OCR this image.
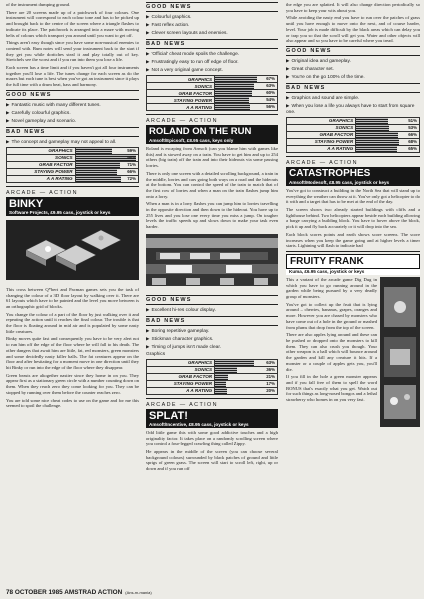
of the instrument dumping ground.

There are 20 screens made up of a patchwork of four colours. One instrument will correspond to each colour tone and has to be picked up and brought back to the centre of the screen where a triangle flashes to indicate its place. The patchwork is arranged into a maze with moving belts of colours which transport you around until you want to get off.

Things aren't easy though since you have some non-musical enemies to contend with. Bum notes will send your instrument back to the start if they get you while doritches steal it and play totally out of key. Streichels see the worst and if you run into them you lose a life.

Each screen has a time limit and if you haven't got all four instruments together you'll lose a life. The tunes change for each screen as do the mazes but each tune is best when you've got an instrument since it plays the full time with a drum beat, bass and harmony.

GOOD NEWS
▶ Fantastic music with many different tunes.
▶ Carefully colourful graphics.
▶ Novel gameplay and scenario.
BAD NEWS
▶ The concept and gameplay may not appeal to all.
GRAPHICS	59%

SONICS	96%

GRAB FACTOR	71%

STAYING POWER	66%

A A RATING	72%
ARCADE — ACTION
BINKY
Software Projects, £9.95 cass, joystick or keys

This cross between Q*bert and Pacman games sets you the task of changing the colour of a 3D floor layout by walking over it. There are 61 layouts which have to be painted and the level you move between is an orthographic grid of blocks.

You change the colour of a part of the floor by just walking over it and repeating the action until it reaches the final colour. The trouble is that the floor is floating around in mid air and is populated by some nasty little creatures.

Binky moves quite fast and consequently you have to be very alert not to run him off the edge of the floor where he will fall to his death. The other dangers that await him are little, fat, red monsters, green monsters and some decidedly nasty killer balls. The fat creatures appear on the floor and after hesitating for a moment move in one direction until they hit Binky or run into the edge of the floor where they disappear.

Green beasts are altogether nastier since they home in on you. They appear first as a stationary green circle with a number counting down on them. When they reach zero they come looking for you. They can be stopped by running over them before the counter reaches zero.

You are told some nice cheat codes to use on the game and for me this seemed to spoil the challenge.

GOOD NEWS
▶ Colourful graphics.
▶ Fast reflex action.
▶ Clever screen layouts and enemies.
BAD NEWS
▶ 'Official' cheat mode spoils the challenge.
▶ Frustratingly easy to run off edge of floor.
▶ Not a very original game concept.
GRAPHICS	67%

SONICS	63%

GRAB FACTOR	60%

STAYING POWER	54%

A A RATING	56%
ARCADE — ACTION
ROLAND ON THE RUN
Amsoft/Epicsoft, £8.95 cass, keys only

Roland is escaping from Arnsoft (can you blame him with games like this) and is stowed away on a train. You have to get him and up to 254 others (big train) off the train and into their hideouts via some passing lorries.

There is only one screen with a detailed scrolling background, a train in the middle, lorries and cars going both ways on a road and the hideouts at the bottom. You can control the speed of the train to match that of the first row of lorries and when a man on the train flashes jump him onto a lorry.

When a man is in a lorry flashes you can jump him to lorries travelling in the opposite direction and then down to the hideout. You have up to 255 lives and you lose one every time you miss a jump. On tougher levels the traffic speeds up and slows down to make your task even harder.

GOOD NEWS
▶ Excellent hi-res colour display.
BAD NEWS
▶ Boring repetitive gameplay.
▶ Stickman character graphics.
▶ Timing of jumps isn't made clear.
Graphics
GRAPHICS	63%

SONICS	36%

GRAB FACTOR	21%

STAYING POWER	17%

A A RATING	20%
ARCADE — ACTION
SPLAT!
Amsoft/Incentive, £8.95 cass, joystick or keys

Odd little game this with some good addictive touches and a high originality factor. It takes place on a randomly scrolling screen where you control a four-legged crawling thing called Zippy.

He appears in the middle of the screen (you can choose several background colours) surrounded by black patches of ground and little sprigs of green grass. The screen will start to scroll left, right, up or down and if you run off

the edge you are splatted. It will also change direction periodically so you have to keep your wits about you.

While avoiding the nasty end you have to run over the patches of grass until you have enough to move onto the next, and of course harder, level. Your job is made difficult by the black areas which can delay you or trap you so that the scroll will get you. Water and other objects will also appear and so you have to be careful where you tread.

GOOD NEWS
▶ Original idea and gameplay.
▶ Great character set.
▶ You're on the go 100% of the time.
BAD NEWS
▶ Graphics and sound are simple.
▶ When you lose a life you always have to start from square one.
GRAPHICS	51%

SONICS	53%

GRAB FACTOR	66%

STAYING POWER	68%

A A RATING	65%
ARCADE — ACTION
CATASTROPHES
Amsoft/Modesoft, £8.95 cass, joystick or keys

You've got to construct a building in the North Sea that will stand up to everything the weather can throw at it. You've only got a helicopter to do it with and a target that has to be met at the end of the day.

The screen shows two already started buildings with cliffs and a lighthouse behind. Two helicopters appear beside each building allowing a barge carrying a building block. You have to hover above the block, pick it up and fly back accurately or it will drop into the sea.

Each block scores points and earth shows score screens. The score increases when you keep the game going and at higher levels a timer starts. Lightning will flash to indicate bad

FRUITY FRANK
Kuma, £6.95 cass, joystick or keys

This a variant of the arcade game Dig Dug in which you have to go running around in the garden while being pursued by a very deadly group of monsters.

You've got to collect up the fruit that is lying around – cherries, bananas, grapes, oranges and more. However you are chased by monsters who have come out of a hole in the ground or mashed from plums that drop from the top of the screen.

There are also apples lying around and these can be pushed or dropped onto the monsters to kill them. They can also crush you though. Your other weapon is a ball which will bounce around the garden and kill any creature it hits. If a monster or a couple of apples gets you, you'll die.

If you fill in the hole a green monster appears and if you fall free of them to spell the word BONUS that's exactly what you get. Watch out for such things as long-nosed bongos and a lethal strawberry who homes in on you very fast.

78 OCTOBER 1985 AMSTRAD ACTION (Ans-m-mania)
